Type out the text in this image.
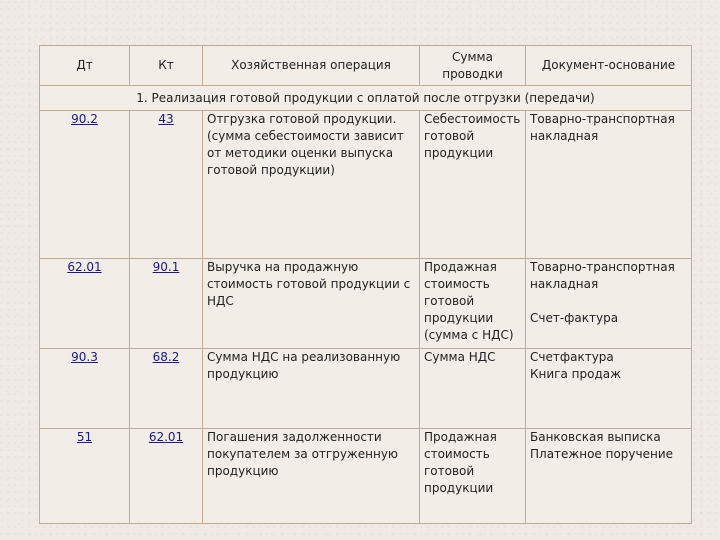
Дт	Кт	Хозяйственная операция	Сумма проводки	Документ-основание
1. Реализация готовой продукции с оплатой после отгрузки (передачи)				
90.2	43	Отгрузка готовой продукции. (сумма себестоимости зависит от методики оценки выпуска готовой продукции)	Себестоимость готовой продукции	Товарно-транспортная накладная
62.01	90.1	Выручка на продажную стоимость готовой продукции с НДС	Продажная стоимость готовой продукции (сумма с НДС)	Товарно-транспортная накладная
Счет-фактура
90.3	68.2	Сумма НДС на реализованную продукцию	Сумма НДС	Счетфактура
Книга продаж

51	62.01	Погашения задолженности покупателем за отгруженную продукцию	Продажная стоимость готовой продукции	Банковская выписка
Платежное поручение
